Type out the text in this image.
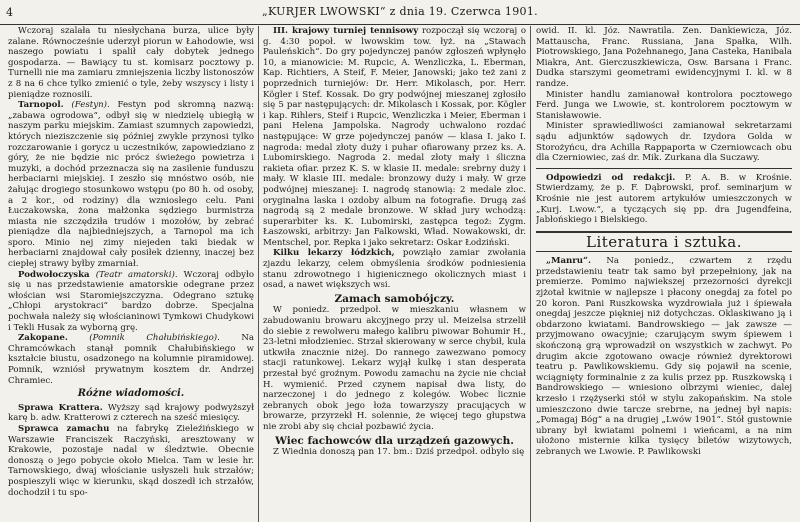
4	„KURJER LWOWSKI“ z dnia 19. Czerwca 1901.

Wczoraj szalała tu niesłychana burza, ulice były zalane. Równocześnie uderzył piorun w Łahodowie, wsi naszego powiatu i spalił cały dobytek jednego gospodarza. — Bawiący tu st. komisarz pocztowy p. Turnelli nie ma zamiaru zmniejszenia liczby listonoszów z 8 na 6 chce tylko zmienić o tyle, żeby wszyscy i listy i pieniądze roznosili.

Tarnopol. (Festyn). Festyn pod skromną nazwą: „zabawa ogrodowa“, odbył się w niedzielę ubiegłą w naszym parku miejskim. Zamiast szumnych zapowiedzi, których nieziszczenie się później zwykle przynosi tylko rozczarowanie i gorycz u uczestników, zapowiedziano z góry, że nie będzie nic prócz świeżego powietrza i muzyki, a dochód przeznacza się na zasilenie funduszu herbaciarni miejskiej. I zeszło się mnóstwo osób, nie żałując drogiego stosunkowo wstępu (po 80 h. od osoby, a 2 kor., od rodziny) dla wzniosłego celu. Pani Łuczakowska, żona małżonka sędziego burmistrza miasta nie szczędziła trudów i mozołów, by zebrać pieniądze dla najbiedniejszych, a Tarnopol ma ich sporo. Minio nej zimy niejeden taki biedak w herbaciarni znajdował cały posiłek dzienny, inaczej bez ciepłej strawy byłby zmarniał.

Podwołoczyska (Teatr amatorski). Wczoraj odbyło się u nas przedstawienie amatorskie odegrane przez włościan wsi Staromiejszczyzna. Odegrano sztukę „Chłopi arystokraci“ bardzo dobrze. Specjalna pochwała należy się włościaninowi Tymkowi Chudykowi i Tekli Husak za wyborną grę.

Zakopane. (Pomnik Chałubińskiego). Na Chramcówkach stanął pomnik Chałubińskiego w kształcie biustu, osadzonego na kolumnie piramidowej. Pomnik, wzniósł prywatnym kosztem dr. Andrzej Chramiec.

Różne wiadomości.

Sprawa Krattera. Wyższy sąd krajowy podwyższył karę b. adw. Kratterowi z czterech na sześć miesięcy.

Sprawca zamachu na fabrykę Zieleźińskiego w Warszawie Franciszek Raczyński, aresztowany w Krakowie, pozostaje nadal w śledztwie. Obecnie donoszą o jego pobycie około Mielca. Tam w lesie hr. Tarnowskiego, dwaj włościanie usłyszeli huk strzałów; pospieszyli więc w kierunku, skąd doszedł ich strzałów, dochodził i tu spo-

III. krajowy turniej tennisowy rozpoczął się wczoraj o g. 4:30 popoł. w lwowskim tow. łyż. na „Stawach Pauleńskich“. Do gry pojedynczej panów zgłoszeń wpłynęło 10, a mianowicie: M. Rupcic, A. Wenzliczka, L. Eberman, Kap. Richtiers, A Steif, F. Meier, Janowski; jako też zani z poprzednich turniejów: Dr. Herr. Mikolasch, por. Herr. Kögler i Stef. Kossak. Do gry podwójnej mieszanej zgłosiło się 5 par następujących: dr. Mikolasch i Kossak, por. Kögler i kap. Rihlers, Steif i Rupcic, Wenzliczka i Meier, Eberman i pani Helena Jampolska. Nagrody uchwalono rozdać następujące: W grze pojedynczej panów — klasa I. jako I. nagroda: medal złoty duży i puhar ofiarowany przez ks. A. Lubomirskiego. Nagroda 2. medal złoty mały i śliczna rakieta ofiar. przez K. S. w klasie II. medale: srebrny duży i mały. W klasie III. medale: bronzowy duży i mały. W grze podwójnej mieszanej: I. nagrodę stanowią: 2 medale złoc. oryginalna laska i ozdoby album na fotografie. Drugą zaś nagrodą są 2 medale bronzowe. W skład jury wchodzą: superarbiter ks. K. Lubomirski, zastępca tegoż: Zygm. Łaszowski, arbitrzy: Jan Falkowski, Wład. Nowakowski, dr. Mentschel, por. Repka i jako sekretarz: Oskar Łodziński.

Kilku lekarzy łódzkich, powziąło zamiar zwołania zjazdu lekarzy, celem obmyślenia środków podniesienia stanu zdrowotnego i higienicznego okolicznych miast i osad, a nawet większych wsi.

Zamach samobójczy.

W poniedz. przedpoł. w mieszkaniu własnem w zabudowaniu browaru akcyjnego przy ul. Meizelsa strzelił do siebie z rewolweru małego kalibru piwowar Bohumir H., 23-letni młodzieniec. Strzał skierowany w serce chybił, kula utkwiła znacznie niżej. Do rannego zawezwano pomocy stacji ratunkowej. Lekarz wyjął kulkę i stan desperata przestał być groźnym. Powodu zamachu na życie nie chciał H. wymienić. Przed czynem napisał dwa listy, do narzeczonej i do jednego z kolegów. Wobec licznie zebranych obok jego łoża towarzyszy pracujących w browarze, przyrzekł H. solennie, że więcej tego głupstwa nie zrobi aby się chciał pozbawić życia.

Wiec fachowców dla urządzeń gazowych.

Z Wiednia donoszą pan 17. bm.: Dziś przedpoł. odbyło się

owid. II. kl. Józ. Nawratila. Zen. Dankiewicza, Józ. Mattauscha, Franc. Russiana, Jana Spałka, Wilh. Piotrowskiego, Jana Pożehnanego, Jana Casteka, Hanibala Miakra, Ant. Gierczuszkiewicza, Osw. Barsana i Franc. Dudka starszymi geometrami ewidencyjnymi I. kl. w 8 randze.

Minister handlu zamianował kontrolora pocztowego Ferd. Junga we Lwowie, st. kontrolorem pocztowym w Stanisławowie.

Minister sprawiedliwości zamianował sekretarzami sądu adjunktów sądowych dr. Izydora Golda w Storożyńcu, dra Achilla Rappaporta w Czerniowcach obu dla Czerniowiec, zaś dr. Mik. Zurkana dla Suczawy.

Odpowiedzi od redakcji. P. A. B. w Krośnie. Stwierdzamy, że p. F. Dąbrowski, prof. seminarjum w Krośnie nie jest autorem artykułów umieszczonych w „Kurj. Lwow.“, a tyczących się pp. dra Jugendfeina, Jabłońskiego i Bielskiego.

Literatura i sztuka.

„Manru“. Na poniedz., czwartem z rzędu przedstawieniu teatr tak samo był przepełniony, jak na premierze. Pomimo najwiekszej przezorności dyrekcji zjżotał kwitnie w najlepsze i płacony onegdaj za fotel po 20 koron. Pani Ruszkowska wyzdrowiała już i śpiewała onegdaj jeszcze piękniej niż dotychczas. Oklaskiwano ją i obdarzono kwiatami. Bandrowskiego — jak zawsze — przyjmowano owacyjnie; czarującym swym śpiewem i skończoną grą wprowadził on wszystkich w zachwyt. Po drugim akcie zgotowano owacje również dyrektorowi teatru p. Pawlikowskiemu. Gdy się pojawił na scenie, wciągnięty forminalnie z za kulis przez pp. Ruszkowską i Bandrowskiego — wniesiono olbrzymi wieniec, dalej krzesło i rzężyserki stół w stylu zakopańskim. Na stole umieszczono dwie tarcze srebrne, na jednej był napis: „Pomagaj Bóg“ a na drugiej „Lwów 1901“. Stół gustownie ubrany był kwiatami polnemi i wieńcami, a na nim ułożono misternie kilka tysięcy biletów wizytowych, zebranych we Lwowie. P. Pawlikowski
